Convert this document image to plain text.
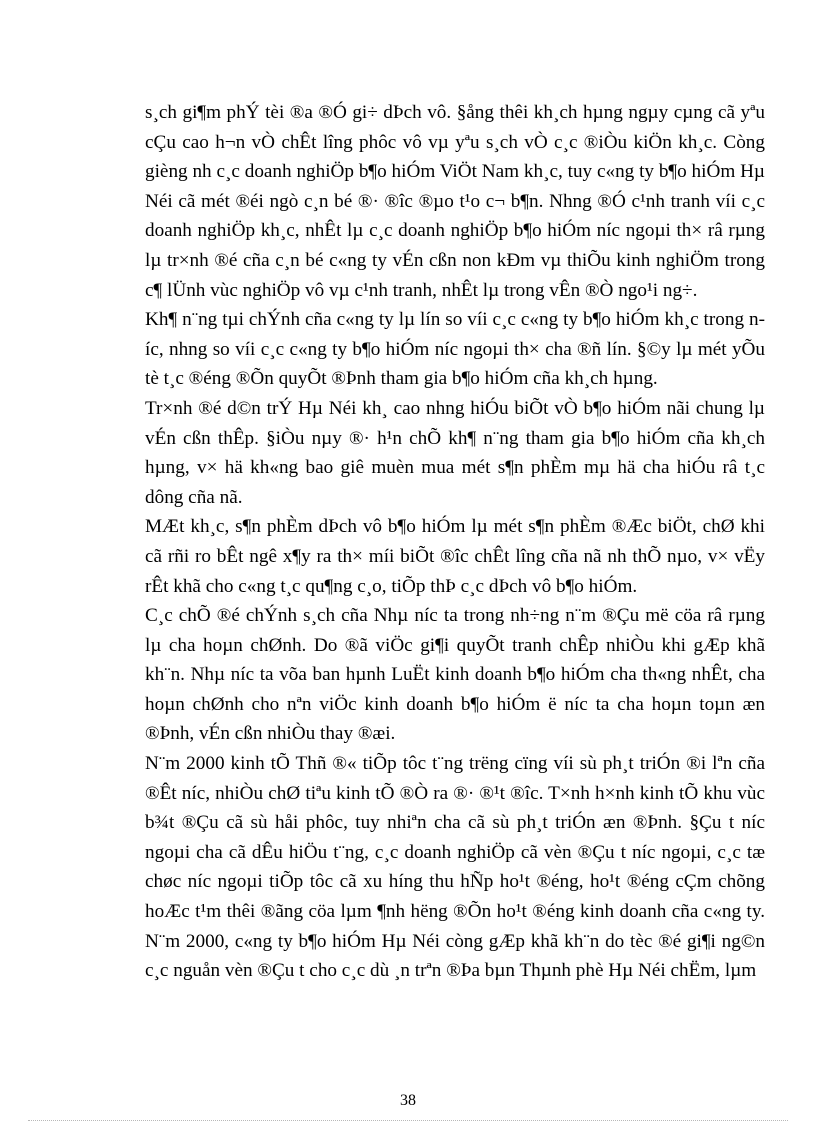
s¸ch gi¶m phÝ tèi ®a ®Ó gi÷ dÞch vô. §ång thêi kh¸ch hµng ngµy cµng cã yªu cÇu cao h¬n vÒ chÊt lîng phôc vô vµ yªu s¸ch vÒ c¸c ®iÒu kiÖn kh¸c. Còng gièng nh c¸c doanh nghiÖp b¶o hiÓm ViÖt Nam kh¸c, tuy c«ng ty b¶o hiÓm Hµ Néi cã mét ®éi ngò c¸n bé ®· ®îc ®µo t¹o c¬ b¶n. Nhng ®Ó c¹nh tranh víi c¸c doanh nghiÖp kh¸c, nhÊt lµ c¸c doanh nghiÖp b¶o hiÓm níc ngoµi th× râ rµng lµ tr×nh ®é cña c¸n bé c«ng ty vÉn cßn non kÐm vµ thiÕu kinh nghiÖm trong c¶ lÜnh vùc nghiÖp vô vµ c¹nh tranh, nhÊt lµ trong vÊn ®Ò ngo¹i ng÷.

Kh¶ n¨ng tµi chÝnh cña c«ng ty lµ lín so víi c¸c c«ng ty b¶o hiÓm kh¸c trong níc, nhng so víi c¸c c«ng ty b¶o hiÓm níc ngoµi th× cha ®ñ lín. §©y lµ mét yÕu tè t¸c ®éng ®Õn quyÕt ®Þnh tham gia b¶o hiÓm cña kh¸ch hµng.

Tr×nh ®é d©n trÝ Hµ Néi kh¸ cao nhng hiÓu biÕt vÒ b¶o hiÓm nãi chung lµ vÉn cßn thÊp. §iÒu nµy ®· h¹n chÕ kh¶ n¨ng tham gia b¶o hiÓm cña kh¸ch hµng, v× hä kh«ng bao giê muèn mua mét s¶n phÈm mµ hä cha hiÓu râ t¸c dông cña nã.

MÆt kh¸c, s¶n phÈm dÞch vô b¶o hiÓm lµ mét s¶n phÈm ®Æc biÖt, chØ khi cã rñi ro bÊt ngê x¶y ra th× míi biÕt ®îc chÊt lîng cña nã nh thÕ nµo, v× vËy rÊt khã cho c«ng t¸c qu¶ng c¸o, tiÕp thÞ c¸c dÞch vô b¶o hiÓm.

C¸c chÕ ®é chÝnh s¸ch cña Nhµ níc ta trong nh÷ng n¨m ®Çu më cöa râ rµng lµ cha hoµn chØnh. Do ®ã viÖc gi¶i quyÕt tranh chÊp nhiÒu khi gÆp khã kh¨n. Nhµ níc ta võa ban hµnh LuËt kinh doanh b¶o hiÓm cha th«ng nhÊt, cha hoµn chØnh cho nªn viÖc kinh doanh b¶o hiÓm ë níc ta cha hoµn toµn æn ®Þnh, vÉn cßn nhiÒu thay ®æi.

N¨m 2000 kinh tÕ Thñ ®« tiÕp tôc t¨ng trëng cïng víi sù ph¸t triÓn ®i lªn cña ®Êt níc, nhiÒu chØ tiªu kinh tÕ ®Ò ra ®· ®¹t ®îc. T×nh h×nh kinh tÕ khu vùc b¾t ®Çu cã sù håi phôc, tuy nhiªn cha cã sù ph¸t triÓn æn ®Þnh. §Çu t níc ngoµi cha cã dÊu hiÖu t¨ng, c¸c doanh nghiÖp cã vèn ®Çu t níc ngoµi, c¸c tæ chøc níc ngoµi tiÕp tôc cã xu híng thu hÑp ho¹t ®éng, ho¹t ®éng cÇm chõng hoÆc t¹m thêi ®ãng cöa lµm ¶nh hëng ®Õn ho¹t ®éng kinh doanh cña c«ng ty. N¨m 2000, c«ng ty b¶o hiÓm Hµ Néi còng gÆp khã kh¨n do tèc ®é gi¶i ng©n c¸c nguån vèn ®Çu t cho c¸c dù ¸n trªn ®Þa bµn Thµnh phè Hµ Néi chËm, lµm

38
